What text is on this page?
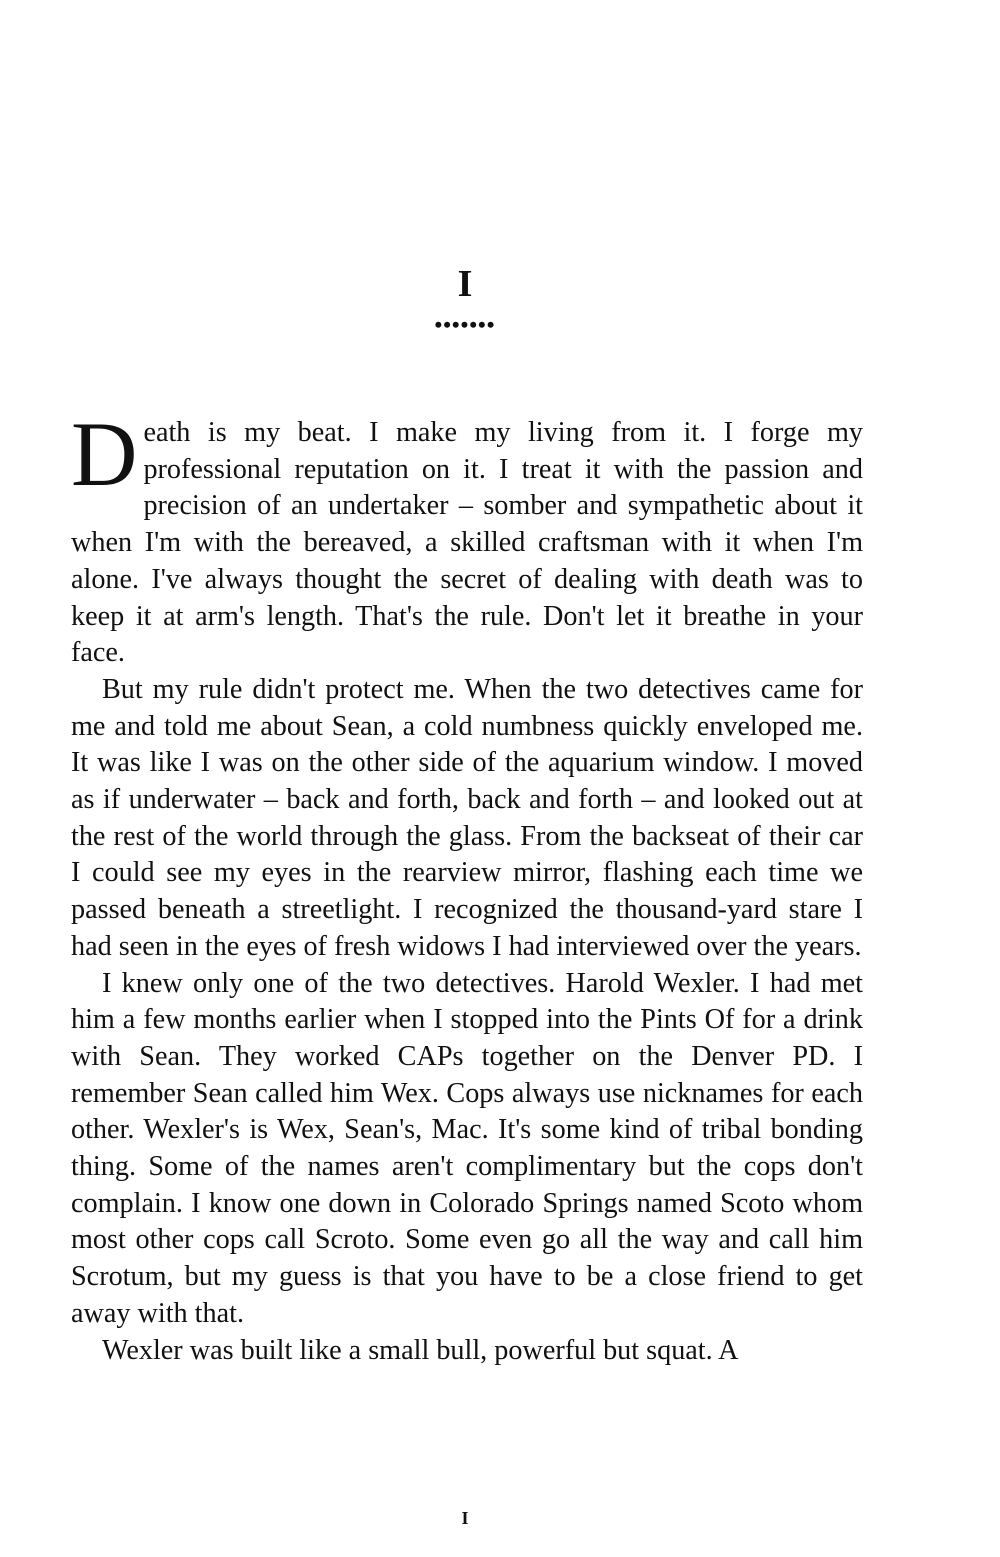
I
•••••••

Death is my beat. I make my living from it. I forge my professional reputation on it. I treat it with the passion and precision of an undertaker – somber and sympathetic about it when I'm with the bereaved, a skilled craftsman with it when I'm alone. I've always thought the secret of dealing with death was to keep it at arm's length. That's the rule. Don't let it breathe in your face.

But my rule didn't protect me. When the two detectives came for me and told me about Sean, a cold numbness quickly enveloped me. It was like I was on the other side of the aquarium window. I moved as if underwater – back and forth, back and forth – and looked out at the rest of the world through the glass. From the backseat of their car I could see my eyes in the rearview mirror, flashing each time we passed beneath a streetlight. I recognized the thousand-yard stare I had seen in the eyes of fresh widows I had interviewed over the years.

I knew only one of the two detectives. Harold Wexler. I had met him a few months earlier when I stopped into the Pints Of for a drink with Sean. They worked CAPs together on the Denver PD. I remember Sean called him Wex. Cops always use nicknames for each other. Wexler's is Wex, Sean's, Mac. It's some kind of tribal bonding thing. Some of the names aren't complimentary but the cops don't complain. I know one down in Colorado Springs named Scoto whom most other cops call Scroto. Some even go all the way and call him Scrotum, but my guess is that you have to be a close friend to get away with that.

Wexler was built like a small bull, powerful but squat. A

I
